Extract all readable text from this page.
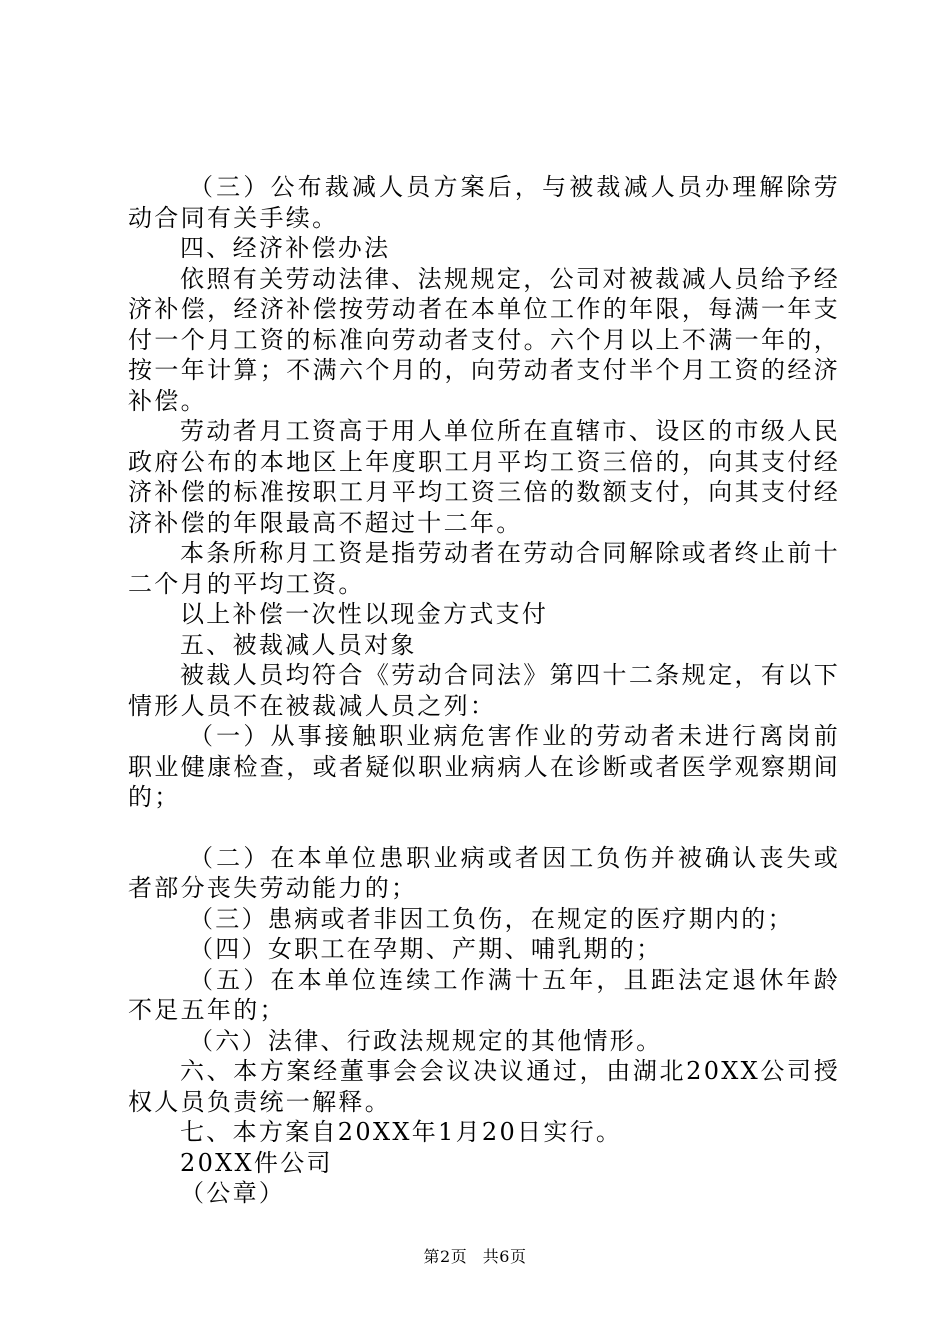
（三）公布裁减人员方案后，与被裁减人员办理解除劳动合同有关手续。

四、经济补偿办法

依照有关劳动法律、法规规定，公司对被裁减人员给予经济补偿，经济补偿按劳动者在本单位工作的年限，每满一年支付一个月工资的标准向劳动者支付。六个月以上不满一年的，按一年计算；不满六个月的，向劳动者支付半个月工资的经济补偿。

劳动者月工资高于用人单位所在直辖市、设区的市级人民政府公布的本地区上年度职工月平均工资三倍的，向其支付经济补偿的标准按职工月平均工资三倍的数额支付，向其支付经济补偿的年限最高不超过十二年。

本条所称月工资是指劳动者在劳动合同解除或者终止前十二个月的平均工资。

以上补偿一次性以现金方式支付

五、被裁减人员对象

被裁人员均符合《劳动合同法》第四十二条规定，有以下情形人员不在被裁减人员之列：

（一）从事接触职业病危害作业的劳动者未进行离岗前职业健康检查，或者疑似职业病病人在诊断或者医学观察期间的；

（二）在本单位患职业病或者因工负伤并被确认丧失或者部分丧失劳动能力的；

（三）患病或者非因工负伤，在规定的医疗期内的；

（四）女职工在孕期、产期、哺乳期的；

（五）在本单位连续工作满十五年，且距法定退休年龄不足五年的；

（六）法律、行政法规规定的其他情形。

六、本方案经董事会会议决议通过，由湖北20XX公司授权人员负责统一解释。

七、本方案自20XX年1月20日实行。

20XX件公司

（公章）

第2页 共6页
